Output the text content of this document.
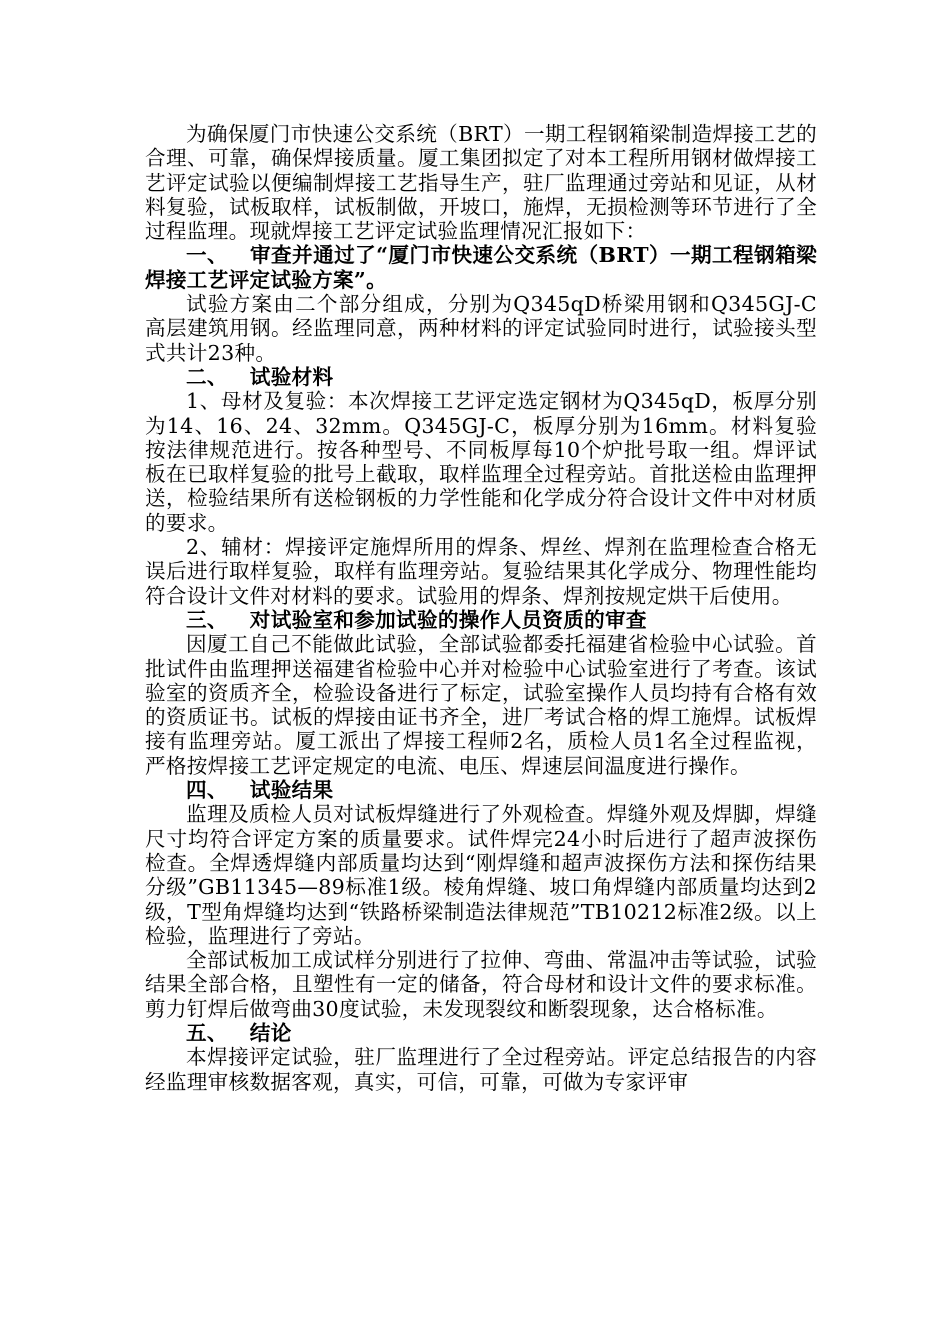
为确保厦门市快速公交系统（BRT）一期工程钢箱梁制造焊接工艺的合理、可靠，确保焊接质量。厦工集团拟定了对本工程所用钢材做焊接工艺评定试验以便编制焊接工艺指导生产，驻厂监理通过旁站和见证，从材料复验，试板取样，试板制做，开坡口，施焊，无损检测等环节进行了全过程监理。现就焊接工艺评定试验监理情况汇报如下：

一、 审查并通过了“厦门市快速公交系统（BRT）一期工程钢箱梁焊接工艺评定试验方案”。

试验方案由二个部分组成，分别为Q345qD桥梁用钢和Q345GJ-C高层建筑用钢。经监理同意，两种材料的评定试验同时进行，试验接头型式共计23种。

二、 试验材料

1、母材及复验：本次焊接工艺评定选定钢材为Q345qD，板厚分别为14、16、24、32mm。Q345GJ-C，板厚分别为16mm。材料复验按法律规范进行。按各种型号、不同板厚每10个炉批号取一组。焊评试板在已取样复验的批号上截取，取样监理全过程旁站。首批送检由监理押送，检验结果所有送检钢板的力学性能和化学成分符合设计文件中对材质的要求。

2、辅材：焊接评定施焊所用的焊条、焊丝、焊剂在监理检查合格无误后进行取样复验，取样有监理旁站。复验结果其化学成分、物理性能均符合设计文件对材料的要求。试验用的焊条、焊剂按规定烘干后使用。

三、 对试验室和参加试验的操作人员资质的审查

因厦工自己不能做此试验，全部试验都委托福建省检验中心试验。首批试件由监理押送福建省检验中心并对检验中心试验室进行了考查。该试验室的资质齐全，检验设备进行了标定，试验室操作人员均持有合格有效的资质证书。试板的焊接由证书齐全，进厂考试合格的焊工施焊。试板焊接有监理旁站。厦工派出了焊接工程师2名，质检人员1名全过程监视，严格按焊接工艺评定规定的电流、电压、焊速层间温度进行操作。

四、 试验结果

监理及质检人员对试板焊缝进行了外观检查。焊缝外观及焊脚，焊缝尺寸均符合评定方案的质量要求。试件焊完24小时后进行了超声波探伤检查。全焊透焊缝内部质量均达到“刚焊缝和超声波探伤方法和探伤结果分级”GB11345—89标准1级。棱角焊缝、坡口角焊缝内部质量均达到2级，T型角焊缝均达到“铁路桥梁制造法律规范”TB10212标准2级。以上检验，监理进行了旁站。

全部试板加工成试样分别进行了拉伸、弯曲、常温冲击等试验，试验结果全部合格，且塑性有一定的储备，符合母材和设计文件的要求标准。剪力钉焊后做弯曲30度试验，未发现裂纹和断裂现象，达合格标准。

五、 结论

本焊接评定试验，驻厂监理进行了全过程旁站。评定总结报告的内容经监理审核数据客观，真实，可信，可靠，可做为专家评审
